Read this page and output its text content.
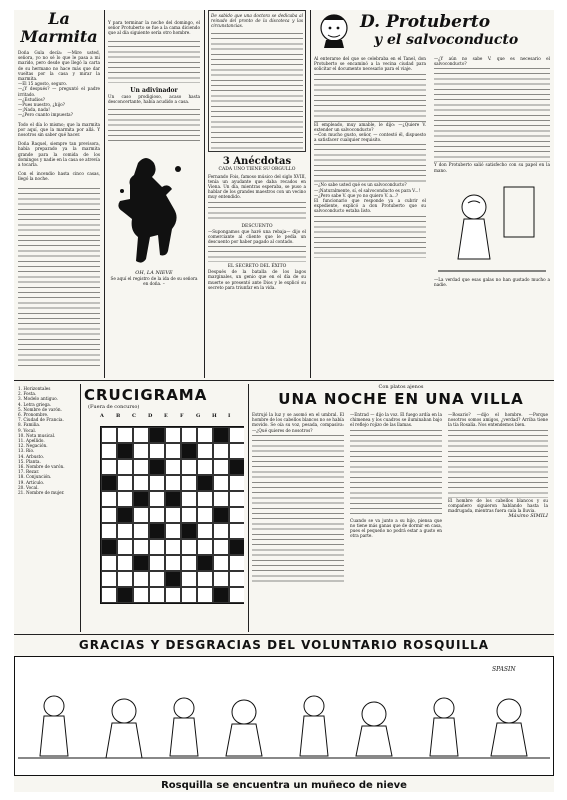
La Marmita

Doña Gula decía: —Mire usted, señora, yo no sé lo que le pasa a mi marido, pero desde que llegó la carta de su hermano no hace más que dar vueltas por la casa y mirar la marmita.

—El 15 agosto, seguro.

—¿Y después? — preguntó el padre irritado.

—¿Estudios?

—Pues nuestro, ¿hijo?

—¡Nada, nada!

—¿Pero cuanto impuesta?

Todo el día lo mismo; que la marmita por aquí, que la marmita por allá. Y nosotros sin saber qué hacer.

Doña Raquel, siempre tan previsora, había preparado ya la marmita grande para la comida de los domingos y nadie en la casa se atrevía a tocarla.

Con el incendio hasta cinco casas, llegó la noche.

Y para terminar la noche del domingo, el señor Protuberto se fue a la cama diciendo que al día siguiente sería otro hombre.

Un adivinador

Un caso prodigioso, acaso hasta desconcertante, había acudido a casa.

OH, LA NIEVE

Se aquí el registro de la ida de su señora en doña. –

De sabido que una doctora se dedicaba al reinado del pronto de la discoteca y las circunstancias.

3 Anécdotas
CADA UNO TIENE SU ORGULLO

Fernando Fois, famoso músico del siglo XVIII, tenía un ayudante que daba recados en Viena. Un día, mientras esperaba, se puso a hablar de los grandes maestros con un vecino muy entendido.

DESCUENTO

—Supongamos que haré una rebaja— dijo el comerciante al cliente que le pedía un descuento por haber pagado al contado.

EL SECRETO DEL ÉXITO

Después de la batalla de los lagos marginales, un genio que en el día de su muerte se presentó ante Dios y le explicó su secreto para triunfar en la vida.

D. Protuberto
y el salvoconducto

Al enterarse del que se celebraba en el Tanel, don Protuberto se encaminó a la vecina ciudad para solicitar el documento necesario para el viaje.

El empleado, muy amable, le dijo: —¿Quiere V. extender un salvoconducto?

—Con mucho gusto, señor, — contestó él, dispuesto a satisfacer cualquier requisito.

—¿No sabe usted qué es un salvoconducto?

—¡Naturalmente, sí, el salvoconducto es para V...!

—¿Pero sabe V. que yo no quiero V. a...?

El funcionario que responde ya a cubrir el expediente, explicó a don Protuberto que su salvoconducto estaba listo.

—¿Y aún no sabe V. que es necesario el salvoconducto?

Y don Protuberto salió satisfecho con su papel en la mano.

—La verdad que esas galas no han gustado mucho a nadie.

1. Horizontales

2. Fosta.

3. Modelo antiguo.

4. Letra griega.

5. Nombre de varón.

6. Pronombre.

7. Ciudad de Francia.

8. Familia.

9. Vocal.

10. Nota musical.

11. Apellido.

12. Negación.

13. Río.

14. Arbusto.

15. Planta.

16. Nombre de varón.

17. Rezar.

18. Conjunción.

19. Artículo.

20. Vocal.

21. Nombre de mujer.

CRUCIGRAMA
(Fuera de concurso)
A	B	C	D	E	F	G	H	I
Con platos ajenos
UNA NOCHE EN UNA VILLA

Estrujó la luz y se asomó en el umbral. El hombre de los cabellos blancos no se había movido. Se oía su voz, pesada, compasiva: —¿Qué quieres de nosotros?

—Entrad — dijo la voz. El fuego ardía en la chimenea y los cuadros se iluminaban bajo el reflejo rojizo de las llamas.

Cuando se va junto a su hijo, piensa que no tiene más ganas que de dormir en casa, pues el pequeño no podrá estar a gusto en otra parte.

—Rosario? —dijo el hombre. —Porque nosotros somos amigos, ¿verdad? Arriba tiene la tía Rosalía. Nos entendemos bien.

El hombre de los cabellos blancos y su compañero siguieron hablando hasta la madrugada, mientras fuera caía la lluvia.

Máximo SIMILI
GRACIAS Y DESGRACIAS DEL VOLUNTARIO ROSQUILLA
SPASIN
Rosquilla se encuentra un muñeco de nieve
